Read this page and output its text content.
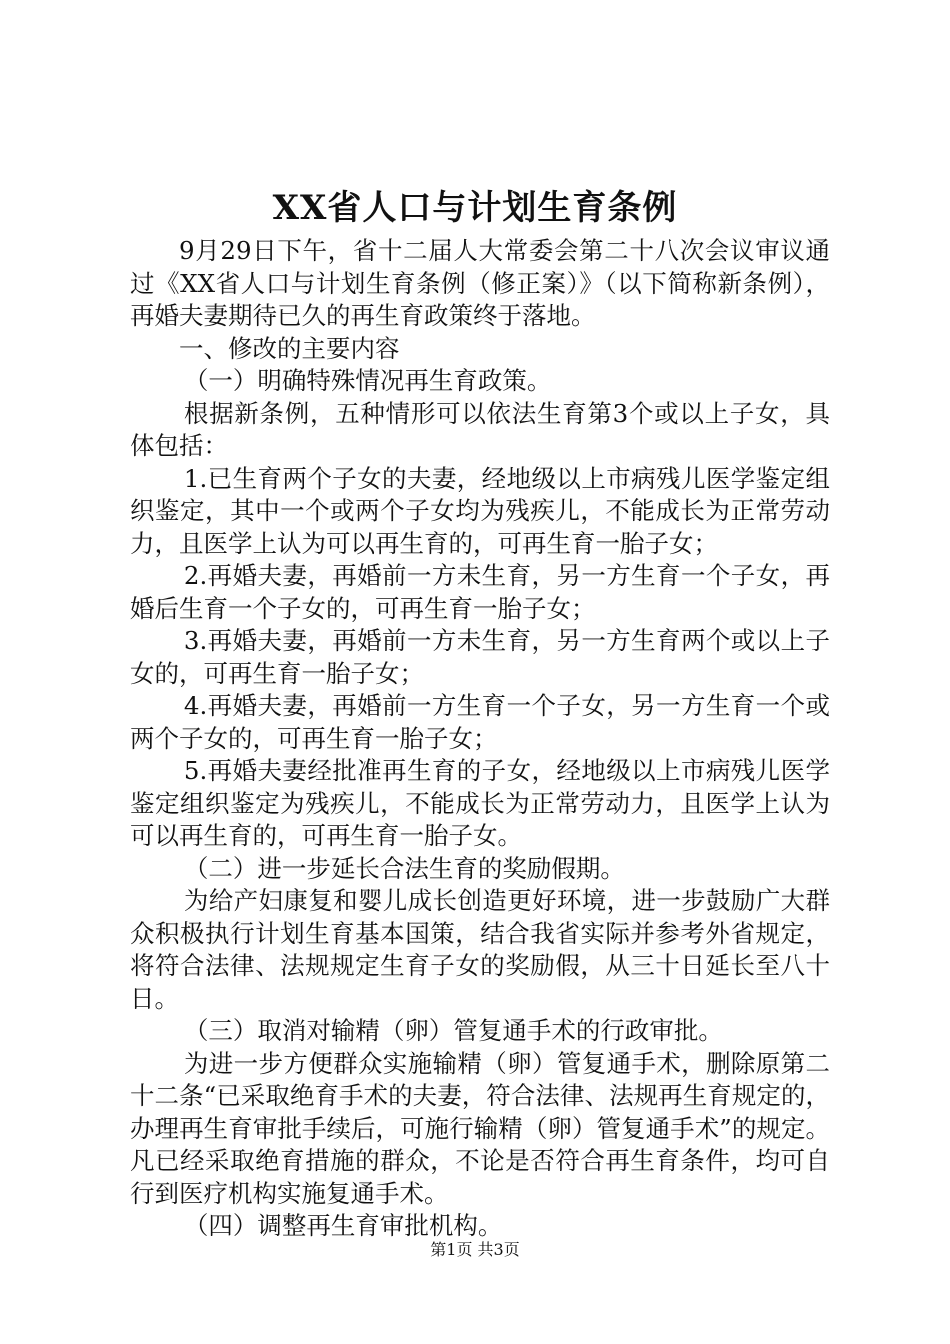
XX省人口与计划生育条例

9月29日下午，省十二届人大常委会第二十八次会议审议通过《XX省人口与计划生育条例（修正案）》（以下简称新条例），再婚夫妻期待已久的再生育政策终于落地。

一、修改的主要内容

（一）明确特殊情况再生育政策。

根据新条例，五种情形可以依法生育第3个或以上子女，具体包括：

1.已生育两个子女的夫妻，经地级以上市病残儿医学鉴定组织鉴定，其中一个或两个子女均为残疾儿，不能成长为正常劳动力，且医学上认为可以再生育的，可再生育一胎子女；

2.再婚夫妻，再婚前一方未生育，另一方生育一个子女，再婚后生育一个子女的，可再生育一胎子女；

3.再婚夫妻，再婚前一方未生育，另一方生育两个或以上子女的，可再生育一胎子女；

4.再婚夫妻，再婚前一方生育一个子女，另一方生育一个或两个子女的，可再生育一胎子女；

5.再婚夫妻经批准再生育的子女，经地级以上市病残儿医学鉴定组织鉴定为残疾儿，不能成长为正常劳动力，且医学上认为可以再生育的，可再生育一胎子女。

（二）进一步延长合法生育的奖励假期。

为给产妇康复和婴儿成长创造更好环境，进一步鼓励广大群众积极执行计划生育基本国策，结合我省实际并参考外省规定，将符合法律、法规规定生育子女的奖励假，从三十日延长至八十日。

（三）取消对输精（卵）管复通手术的行政审批。

为进一步方便群众实施输精（卵）管复通手术，删除原第二十二条“已采取绝育手术的夫妻，符合法律、法规再生育规定的，办理再生育审批手续后，可施行输精（卵）管复通手术”的规定。凡已经采取绝育措施的群众，不论是否符合再生育条件，均可自行到医疗机构实施复通手术。

（四）调整再生育审批机构。

第1页 共3页
